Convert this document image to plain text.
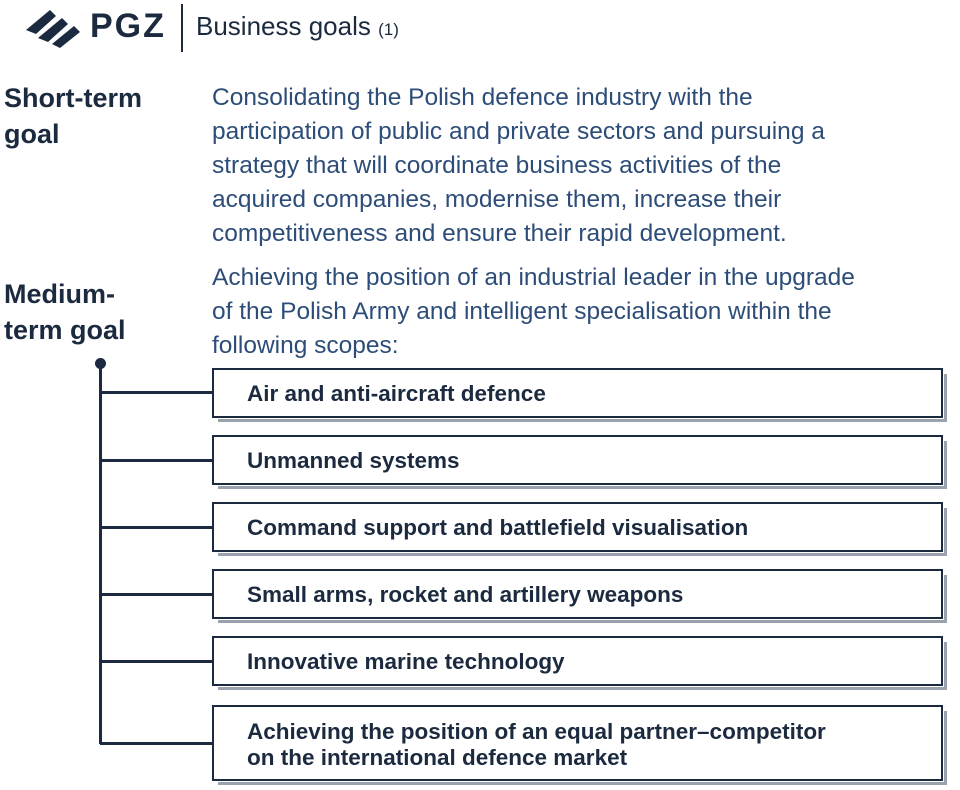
PGZ Business goals (1)
Short-term
goal
Consolidating the Polish defence industry with the
participation of public and private sectors and pursuing a
strategy that will coordinate business activities of the
acquired companies, modernise them, increase their
competitiveness and ensure their rapid development.
Medium-
term goal
Achieving the position of an industrial leader in the upgrade
of the Polish Army and intelligent specialisation within the
following scopes:
Air and anti-aircraft defence
Unmanned systems
Command support and battlefield visualisation
Small arms, rocket and artillery weapons
Innovative marine technology
Achieving the position of an equal partner–competitor
on the international defence market
